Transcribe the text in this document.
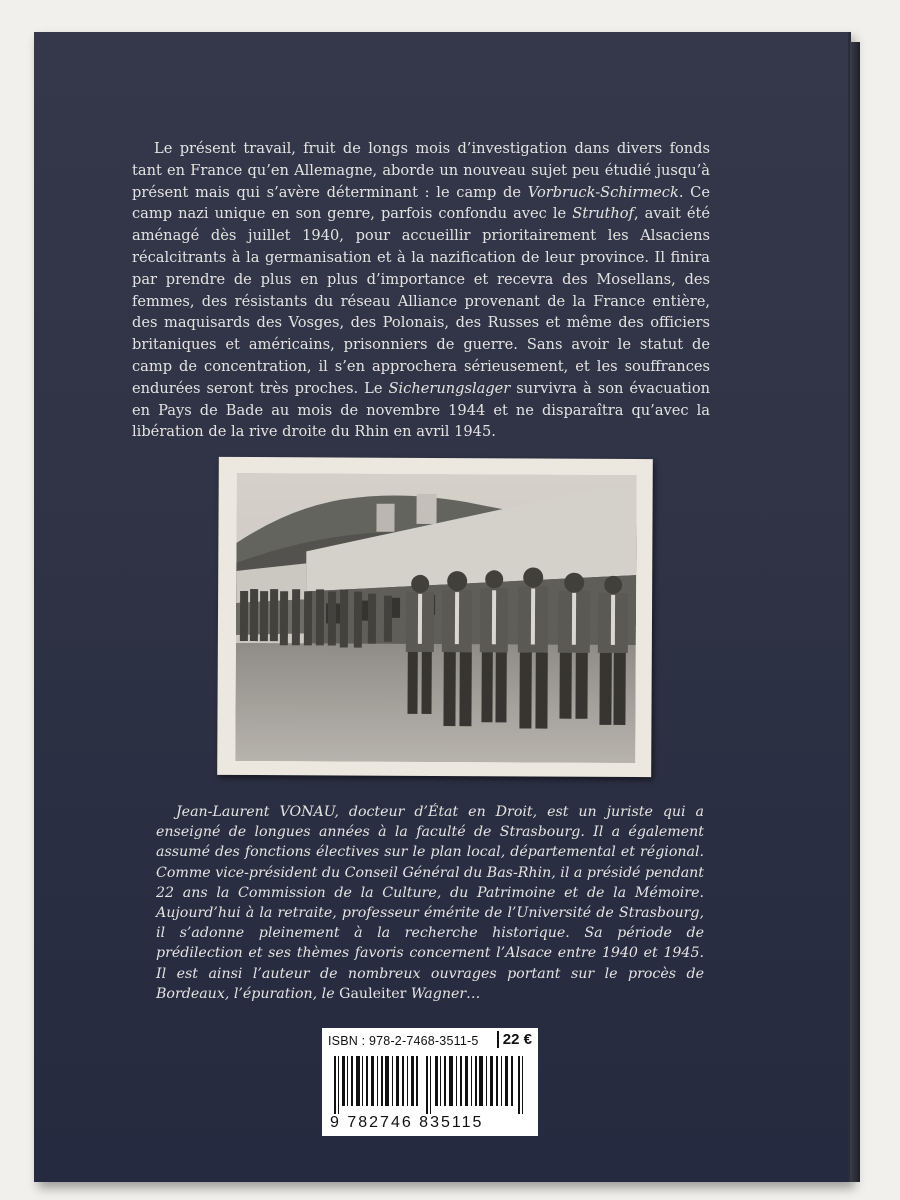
Le présent travail, fruit de longs mois d’investigation dans divers fonds tant en France qu’en Allemagne, aborde un nouveau sujet peu étudié jusqu’à présent mais qui s’avère déterminant : le camp de Vorbruck-Schirmeck. Ce camp nazi unique en son genre, parfois confondu avec le Struthof, avait été aménagé dès juillet 1940, pour accueillir prioritairement les Alsaciens récalcitrants à la germanisation et à la nazification de leur province. Il finira par prendre de plus en plus d’importance et recevra des Mosellans, des femmes, des résistants du réseau Alliance provenant de la France entière, des maquisards des Vosges, des Polonais, des Russes et même des officiers britaniques et américains, prisonniers de guerre. Sans avoir le statut de camp de concentration, il s’en approchera sérieusement, et les souffrances endurées seront très proches. Le Sicherungslager survivra à son évacuation en Pays de Bade au mois de novembre 1944 et ne disparaîtra qu’avec la libération de la rive droite du Rhin en avril 1945.

Jean-Laurent VONAU, docteur d’État en Droit, est un juriste qui a enseigné de longues années à la faculté de Strasbourg. Il a également assumé des fonctions électives sur le plan local, départemental et régional. Comme vice-président du Conseil Général du Bas-Rhin, il a présidé pendant 22 ans la Commission de la Culture, du Patrimoine et de la Mémoire. Aujourd’hui à la retraite, professeur émérite de l’Université de Strasbourg, il s’adonne pleinement à la recherche historique. Sa période de prédilection et ses thèmes favoris concernent l’Alsace entre 1940 et 1945. Il est ainsi l’auteur de nombreux ouvrages portant sur le procès de Bordeaux, l’épuration, le Gauleiter Wagner…

ISBN : 978-2-7468-3511-5	22 €
9 782746 835115
